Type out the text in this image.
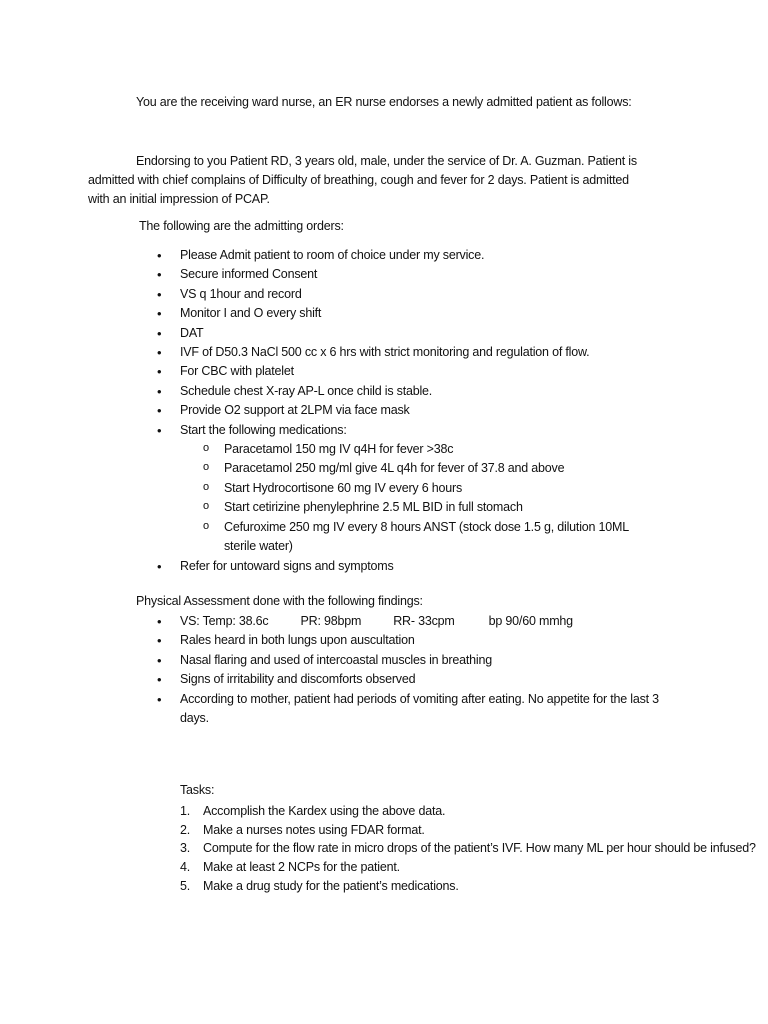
You are the receiving ward nurse, an ER nurse endorses a newly admitted patient as follows:
Endorsing to you Patient RD, 3 years old, male, under the service of Dr. A. Guzman. Patient is
admitted with chief complains of Difficulty of breathing, cough and fever for 2 days. Patient is admitted
with an initial impression of PCAP.
The following are the admitting orders:
• Please Admit patient to room of choice under my service.
• Secure informed Consent
• VS q 1hour and record
• Monitor I and O every shift
• DAT
• IVF of D50.3 NaCl 500 cc x 6 hrs with strict monitoring and regulation of flow.
• For CBC with platelet
• Schedule chest X-ray AP-L once child is stable.
• Provide O2 support at 2LPM via face mask
• Start the following medications:
o Paracetamol 150 mg IV q4H for fever >38c
o Paracetamol 250 mg/ml give 4L q4h for fever of 37.8 and above
o Start Hydrocortisone 60 mg IV every 6 hours
o Start cetirizine phenylephrine 2.5 ML BID in full stomach
o Cefuroxime 250 mg IV every 8 hours ANST (stock dose 1.5 g, dilution 10ML sterile water)
• Refer for untoward signs and symptoms
Physical Assessment done with the following findings:
• VS: Temp: 38.6c	PR: 98bpm	RR- 33cpm	bp 90/60 mmhg
• Rales heard in both lungs upon auscultation
• Nasal flaring and used of intercoastal muscles in breathing
• Signs of irritability and discomforts observed
• According to mother, patient had periods of vomiting after eating. No appetite for the last 3 days.
Tasks:
1. Accomplish the Kardex using the above data.
2. Make a nurses notes using FDAR format.
3. Compute for the flow rate in micro drops of the patient’s IVF. How many ML per hour should be infused?
4. Make at least 2 NCPs for the patient.
5. Make a drug study for the patient’s medications.
